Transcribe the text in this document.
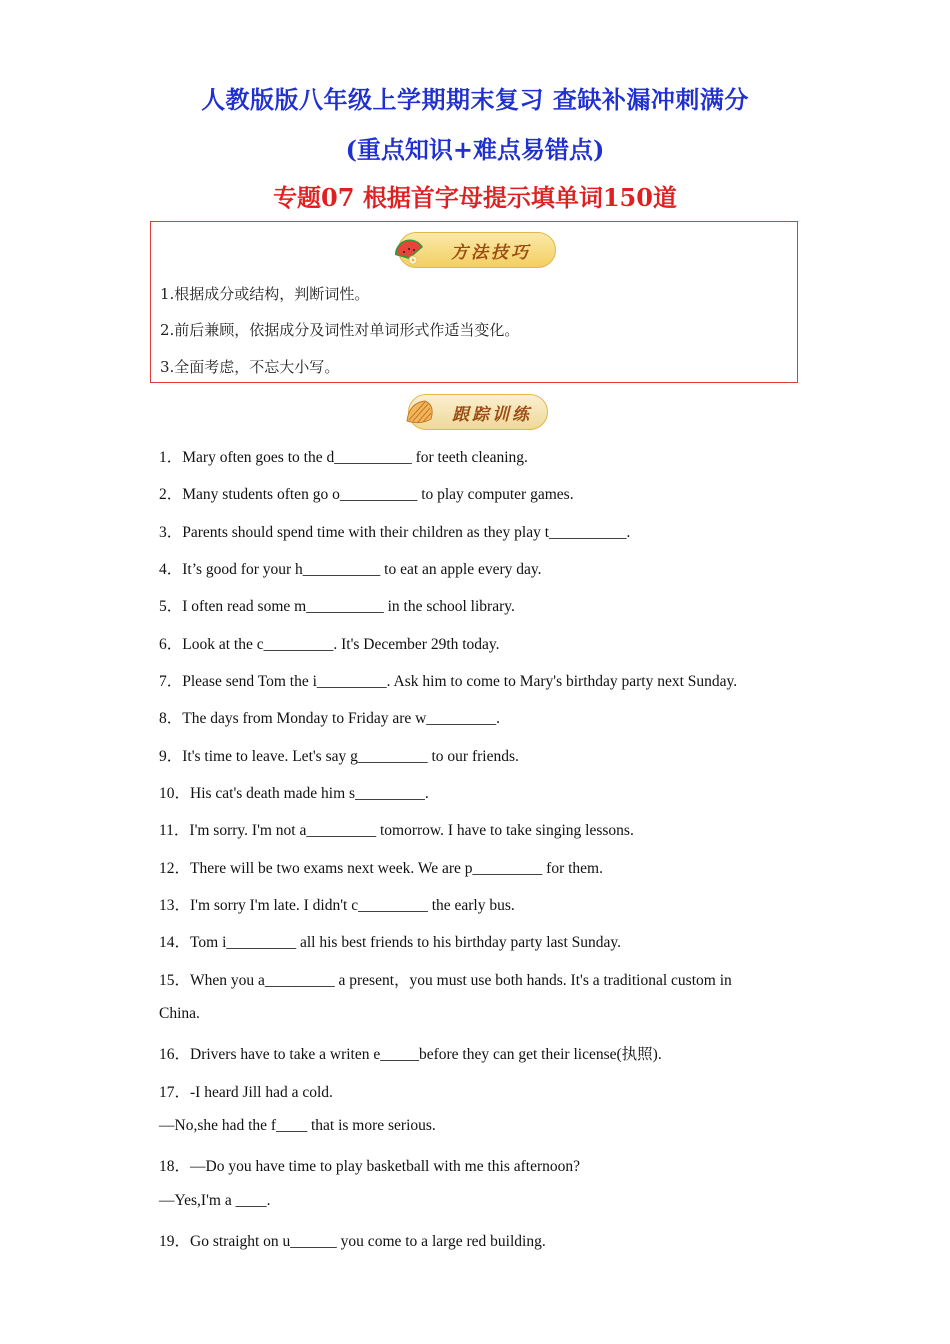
人教版版八年级上学期期末复习 查缺补漏冲刺满分
(重点知识+难点易错点)
专题07 根据首字母提示填单词150道
方法技巧
1.根据成分或结构，判断词性。
2.前后兼顾，依据成分及词性对单词形式作适当变化。
3.全面考虑，不忘大小写。
跟踪训练
1．Mary often goes to the d__________ for teeth cleaning.
2．Many students often go o__________ to play computer games.
3．Parents should spend time with their children as they play t__________.
4．It’s good for your h__________ to eat an apple every day.
5．I often read some m__________ in the school library.
6．Look at the c_________. It's December 29th today.
7．Please send Tom the i_________. Ask him to come to Mary's birthday party next Sunday.
8．The days from Monday to Friday are w_________.
9．It's time to leave. Let's say g_________ to our friends.
10．His cat's death made him s_________.
11．I'm sorry. I'm not a_________ tomorrow. I have to take singing lessons.
12．There will be two exams next week. We are p_________ for them.
13．I'm sorry I'm late. I didn't c_________ the early bus.
14．Tom i_________ all his best friends to his birthday party last Sunday.
15．When you a_________ a present，you must use both hands. It's a traditional custom in
China.
16．Drivers have to take a writen e_____before they can get their license(执照).
17．-I heard Jill had a cold.
—No,she had the f____ that is more serious.
18．—Do you have time to play basketball with me this afternoon?
—Yes,I'm a ____.
19．Go straight on u______ you come to a large red building.
